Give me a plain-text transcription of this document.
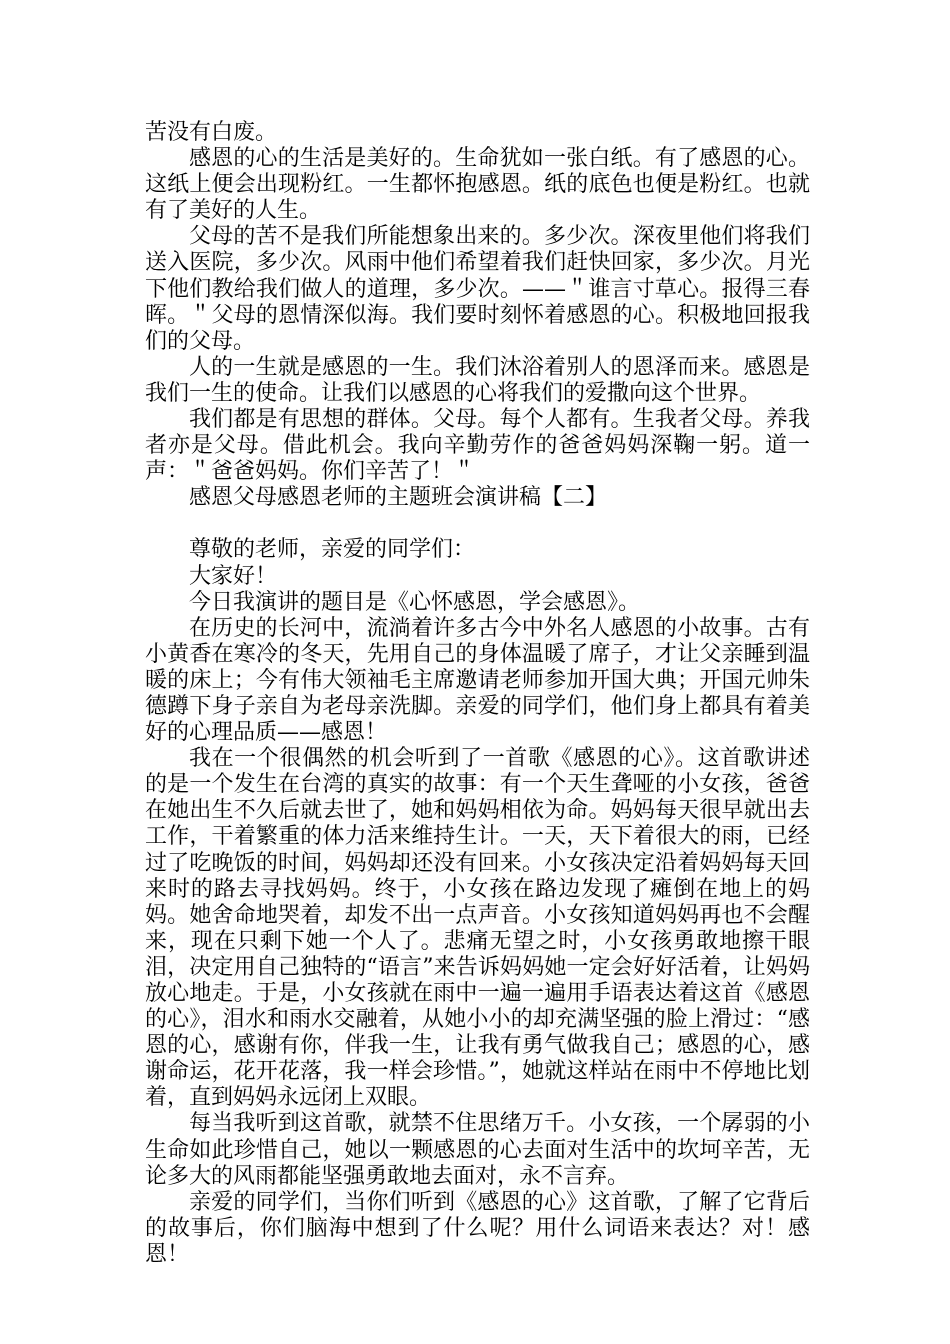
苦没有白废。

感恩的心的生活是美好的。生命犹如一张白纸。有了感恩的心。这纸上便会出现粉红。一生都怀抱感恩。纸的底色也便是粉红。也就有了美好的人生。

父母的苦不是我们所能想象出来的。多少次。深夜里他们将我们送入医院，多少次。风雨中他们希望着我们赶快回家，多少次。月光下他们教给我们做人的道理，多少次。——＂谁言寸草心。报得三春晖。＂父母的恩情深似海。我们要时刻怀着感恩的心。积极地回报我们的父母。

人的一生就是感恩的一生。我们沐浴着别人的恩泽而来。感恩是我们一生的使命。让我们以感恩的心将我们的爱撒向这个世界。

我们都是有思想的群体。父母。每个人都有。生我者父母。养我者亦是父母。借此机会。我向辛勤劳作的爸爸妈妈深鞠一躬。道一声：＂爸爸妈妈。你们辛苦了！＂

感恩父母感恩老师的主题班会演讲稿【二】

尊敬的老师，亲爱的同学们：

大家好！

今日我演讲的题目是《心怀感恩，学会感恩》。

在历史的长河中，流淌着许多古今中外名人感恩的小故事。古有小黄香在寒冷的冬天，先用自己的身体温暖了席子，才让父亲睡到温暖的床上；今有伟大领袖毛主席邀请老师参加开国大典；开国元帅朱德蹲下身子亲自为老母亲洗脚。亲爱的同学们，他们身上都具有着美好的心理品质——感恩！

我在一个很偶然的机会听到了一首歌《感恩的心》。这首歌讲述的是一个发生在台湾的真实的故事：有一个天生聋哑的小女孩，爸爸在她出生不久后就去世了，她和妈妈相依为命。妈妈每天很早就出去工作，干着繁重的体力活来维持生计。一天，天下着很大的雨，已经过了吃晚饭的时间，妈妈却还没有回来。小女孩决定沿着妈妈每天回来时的路去寻找妈妈。终于，小女孩在路边发现了瘫倒在地上的妈妈。她舍命地哭着，却发不出一点声音。小女孩知道妈妈再也不会醒来，现在只剩下她一个人了。悲痛无望之时，小女孩勇敢地擦干眼泪，决定用自己独特的“语言”来告诉妈妈她一定会好好活着，让妈妈放心地走。于是，小女孩就在雨中一遍一遍用手语表达着这首《感恩的心》，泪水和雨水交融着，从她小小的却充满坚强的脸上滑过：“感恩的心，感谢有你，伴我一生，让我有勇气做我自己；感恩的心，感谢命运，花开花落，我一样会珍惜。”，她就这样站在雨中不停地比划着，直到妈妈永远闭上双眼。

每当我听到这首歌，就禁不住思绪万千。小女孩，一个孱弱的小生命如此珍惜自己，她以一颗感恩的心去面对生活中的坎坷辛苦，无论多大的风雨都能坚强勇敢地去面对，永不言弃。

亲爱的同学们，当你们听到《感恩的心》这首歌，了解了它背后的故事后，你们脑海中想到了什么呢？用什么词语来表达？对！感恩！
